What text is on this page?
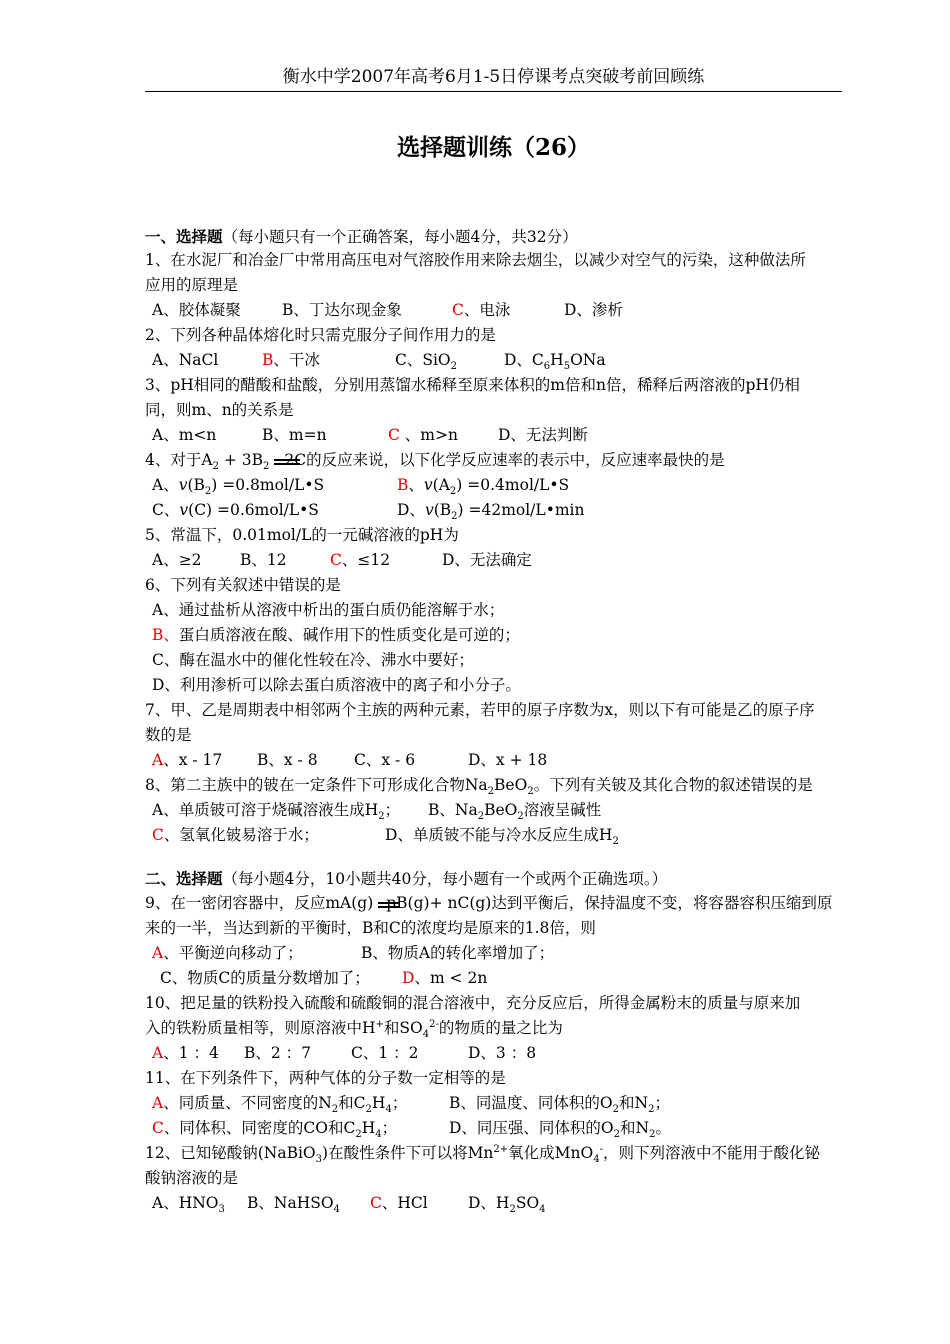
衡水中学2007年高考6月1-5日停课考点突破考前回顾练
选择题训练（26）
一、选择题（每小题只有一个正确答案，每小题4分，共32分）
1、在水泥厂和冶金厂中常用高压电对气溶胶作用来除去烟尘，以减少对空气的污染，这种做法所
应用的原理是
A、胶体凝聚	B、丁达尔现金象	C、电泳	D、渗析
2、下列各种晶体熔化时只需克服分子间作用力的是
A、NaCl	B、干冰	C、SiO$_2$	D、$C_6H_5ONa$
3、pH相同的醋酸和盐酸，分别用蒸馏水稀释至原来体积的m倍和n倍，稀释后两溶液的pH仍相
同，则m、n的关系是
A、m<n	B、m=n	C 、m>n	D、无法判断
4、对于$A_2 + 3B_2$ 2C的反应来说，以下化学反应速率的表示中，反应速率最快的是
A、$v(B_2)$ =0.8mol/L•S	B、$v(A_2)$ =0.4mol/L•S
C、v(C) =0.6mol/L•S	D、$v(B_2)$ =42mol/L•min
5、常温下，0.01mol/L的一元碱溶液的pH为
A、≥2 B、12	C、≤12	D、无法确定
6、下列有关叙述中错误的是
A、通过盐析从溶液中析出的蛋白质仍能溶解于水；
B、蛋白质溶液在酸、碱作用下的性质变化是可逆的；
C、酶在温水中的催化性较在冷、沸水中要好；
D、利用渗析可以除去蛋白质溶液中的离子和小分子。
7、甲、乙是周期表中相邻两个主族的两种元素，若甲的原子序数为x，则以下有可能是乙的原子序
数的是
A、x - 17 B、x - 8 C、x - 6	D、x + 18
8、第二主族中的铍在一定条件下可形成化合物$Na_2BeO_2$。下列有关铍及其化合物的叙述错误的是
A、单质铍可溶于烧碱溶液生成$H_2$； B、$Na_2BeO_2$溶液呈碱性
C、氢氧化铍易溶于水；	D、单质铍不能与冷水反应生成$H_2$
二、选择题（每小题4分，10小题共40分，每小题有一个或两个正确选项。）
9、在一密闭容器中，反应mA(g) pB(g)+ nC(g)达到平衡后，保持温度不变，将容器容积压缩到原
来的一半，当达到新的平衡时，B和C的浓度均是原来的1.8倍，则
A、平衡逆向移动了；	B、物质A的转化率增加了；
C、物质C的质量分数增加了； D、m < 2n
10、把足量的铁粉投入硫酸和硫酸铜的混合溶液中，充分反应后，所得金属粉末的质量与原来加
入的铁粉质量相等，则原溶液中H+和$SO_4^{2-}$的物质的量之比为
A、1 ：4 B、2 ：7	C、1 ：2	D、3 ：8
11、在下列条件下，两种气体的分子数一定相等的是
A、同质量、不同密度的$N_2$和$C_2H_4$；	B、同温度、同体积的$O_2$和$N_2$；
C、同体积、同密度的CO和$C_2H_4$；	D、同压强、同体积的$O_2$和$N_2$。
12、已知铋酸钠(NaBiO$_3$)在酸性条件下可以将$Mn^{2+}$氧化成MnO$_4$-，则下列溶液中不能用于酸化铋
酸钠溶液的是
A、$HNO_3$ B、NaHSO$_4$ C、HCl	D、$H_2SO_4$
